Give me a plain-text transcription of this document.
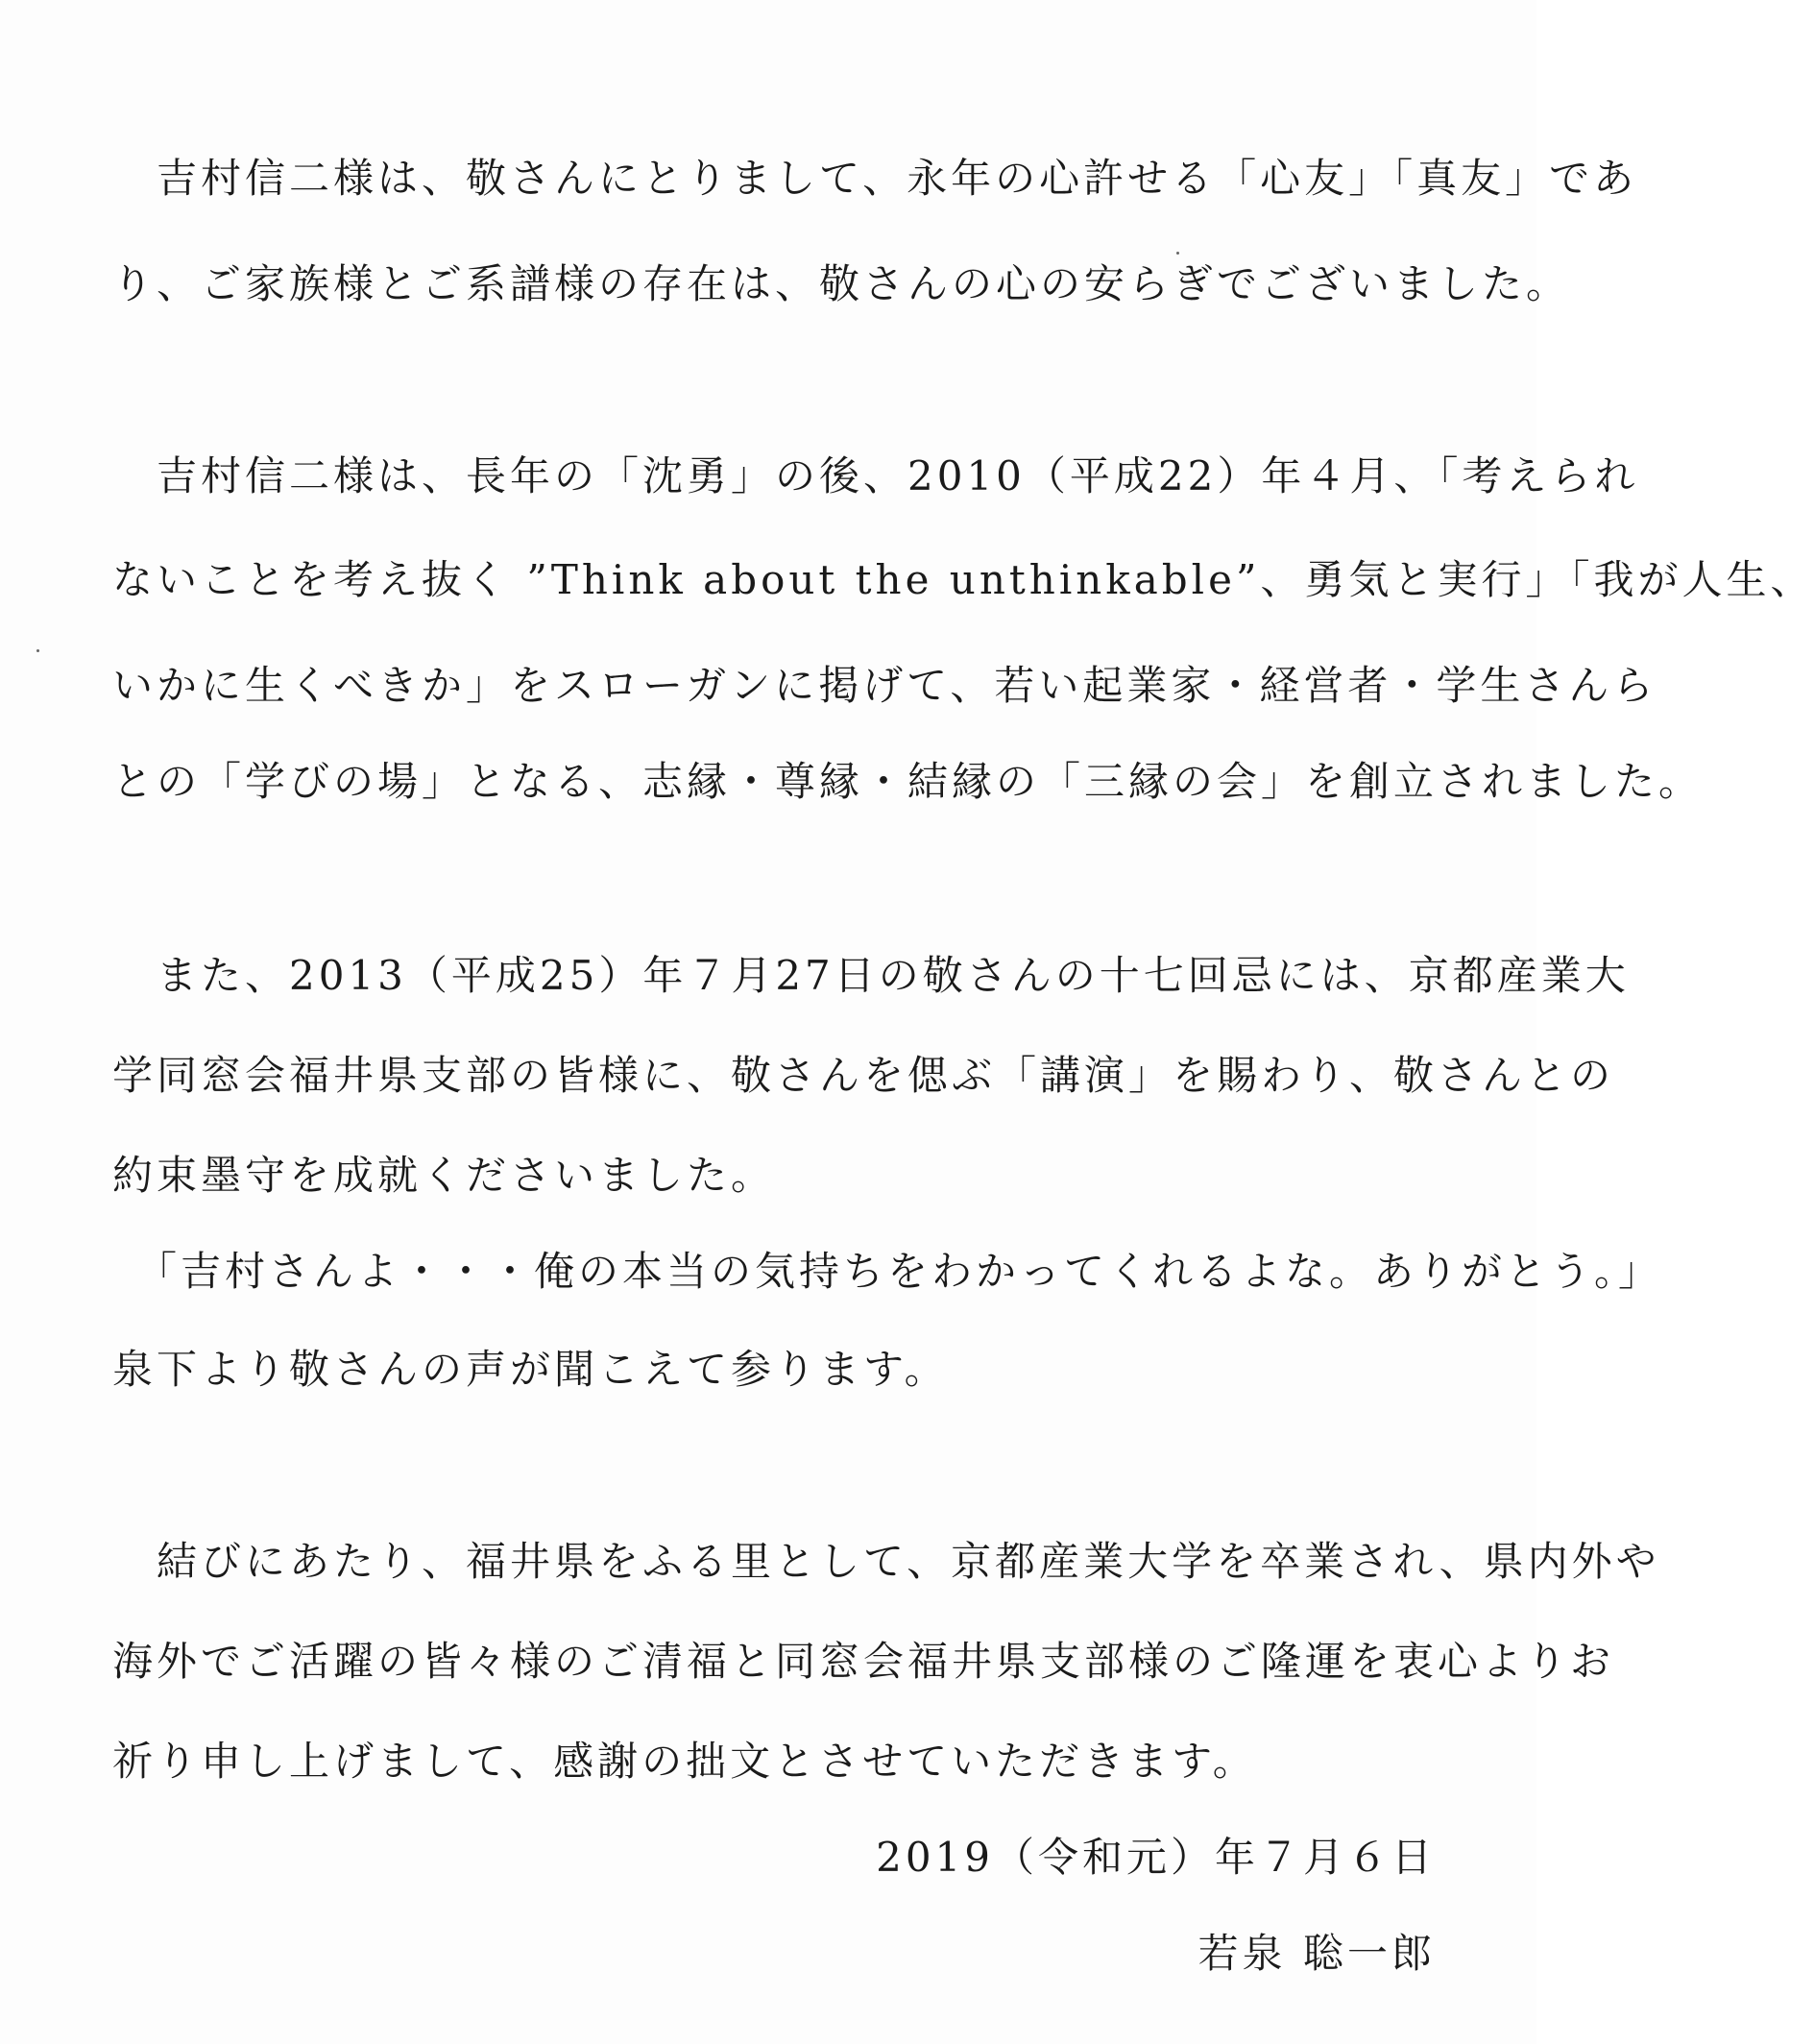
　吉村信二様は、敬さんにとりまして、永年の心許せる「心友」「真友」であ
り、ご家族様とご系譜様の存在は、敬さんの心の安らぎでございました。
　吉村信二様は、長年の「沈勇」の後、2010（平成22）年４月、「考えられ
ないことを考え抜く ”Think about the unthinkable”、勇気と実行」「我が人生、
いかに生くべきか」をスローガンに掲げて、若い起業家・経営者・学生さんら
との「学びの場」となる、志縁・尊縁・結縁の「三縁の会」を創立されました。
　また、2013（平成25）年７月27日の敬さんの十七回忌には、京都産業大
学同窓会福井県支部の皆様に、敬さんを偲ぶ「講演」を賜わり、敬さんとの
約束墨守を成就くださいました。
　「吉村さんよ・・・俺の本当の気持ちをわかってくれるよな。ありがとう。」
泉下より敬さんの声が聞こえて参ります。
　結びにあたり、福井県をふる里として、京都産業大学を卒業され、県内外や
海外でご活躍の皆々様のご清福と同窓会福井県支部様のご隆運を衷心よりお
祈り申し上げまして、感謝の拙文とさせていただきます。
2019（令和元）年７月６日
若泉 聡一郎
